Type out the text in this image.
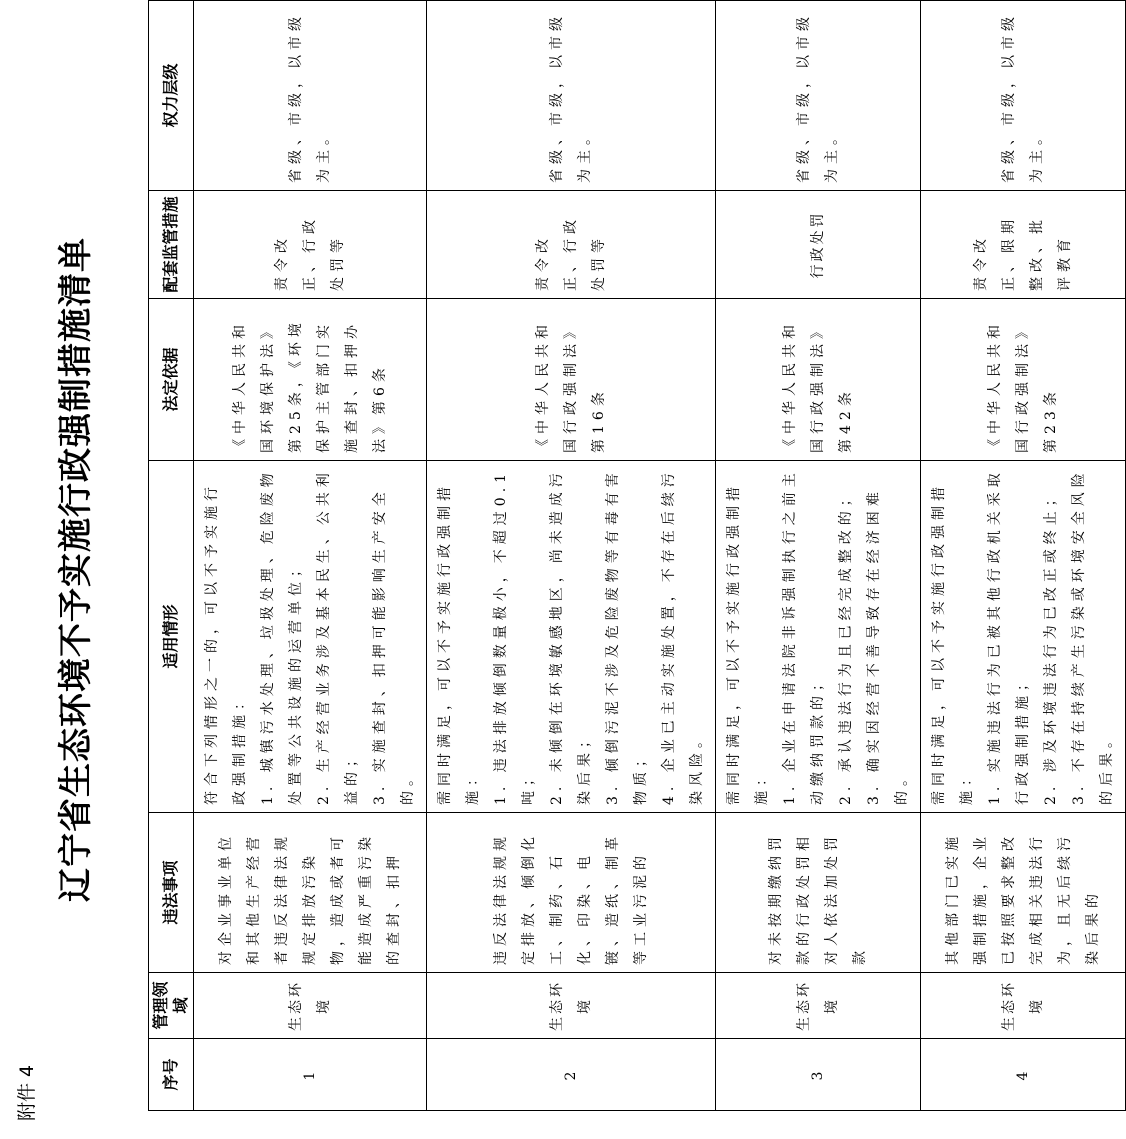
附件 4
辽宁省生态环境不予实施行政强制措施清单
序号	管理领域	违法事项	适用情形	法定依据	配套监管措施	权力层级
1	生态环境	对企业事业单位和其他生产经营者违反法律法规规定排放污染物，造成或者可能造成严重污染的查封、扣押	符合下列情形之一的，可以不予实施行政强制措施： 1. 城镇污水处理、垃圾处理、危险废物处置等公共设施的运营单位； 2. 生产经营业务涉及基本民生、公共利益的； 3. 实施查封、扣押可能影响生产安全的。	《中华人民共和国环境保护法》第25条，《环境保护主管部门实施查封、扣押办法》第6条	责令改正、行政处罚等	省级、市级，以市级为主。
2	生态环境	违反法律法规规定排放、倾倒化工、制药、石化、印染、电镀、造纸、制革等工业污泥的	需同时满足，可以不予实施行政强制措施： 1. 违法排放倾倒数量极小，不超过0.1吨； 2. 未倾倒在环境敏感地区，尚未造成污染后果； 3. 倾倒污泥不涉及危险废物等有毒有害物质； 4. 企业已主动实施处置，不存在后续污染风险。	《中华人民共和国行政强制法》第16条	责令改正、行政处罚等	省级、市级，以市级为主。
3	生态环境	对未按期缴纳罚款的行政处罚相对人依法加处罚款	需同时满足，可以不予实施行政强制措施： 1. 企业在申请法院非诉强制执行之前主动缴纳罚款的； 2. 承认违法行为且已经完成整改的； 3. 确实因经营不善导致存在经济困难的。	《中华人民共和国行政强制法》第42条	行政处罚	省级、市级，以市级为主。
4	生态环境	其他部门已实施强制措施，企业已按照要求整改完成相关违法行为，且无后续污染后果的	需同时满足，可以不予实施行政强制措施： 1. 实施违法行为已被其他行政机关采取行政强制措施； 2. 涉及环境违法行为已改正或终止； 3. 不存在持续产生污染或环境安全风险的后果。	《中华人民共和国行政强制法》第23条	责令改正、限期整改、批评教育	省级、市级，以市级为主。
